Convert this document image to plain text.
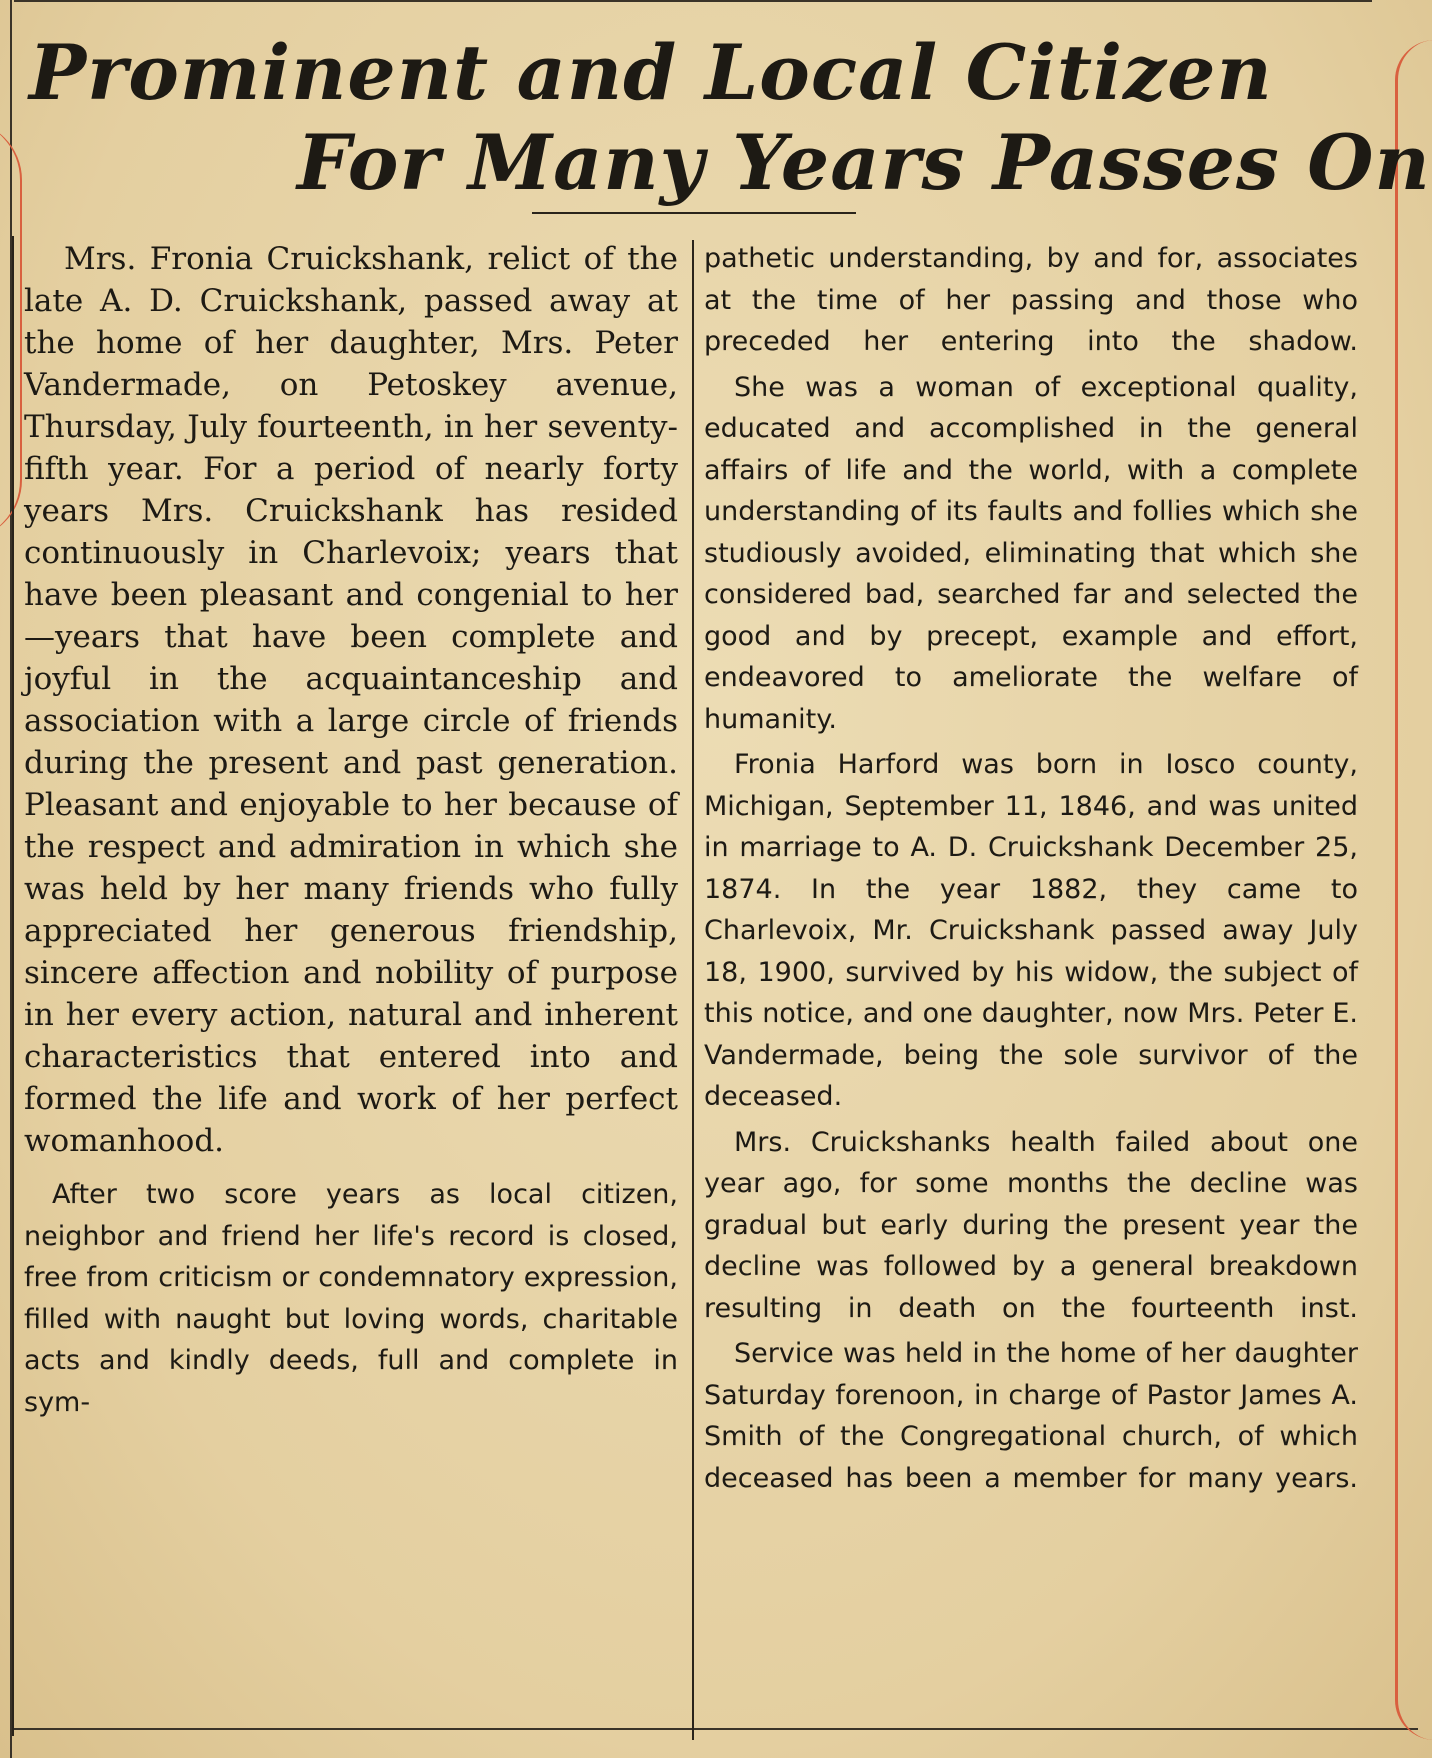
Prominent and Local Citizen
For Many Years Passes On

Mrs. Fronia Cruickshank, relict of the late A. D. Cruickshank, passed away at the home of her daughter, Mrs. Peter Vandermade, on Petoskey avenue, Thursday, July fourteenth, in her seventy-fifth year. For a period of nearly forty years Mrs. Cruickshank has resided continuously in Charlevoix; years that have been pleasant and congenial to her—years that have been complete and joyful in the acquaintanceship and association with a large circle of friends during the present and past generation. Pleasant and enjoyable to her because of the respect and admiration in which she was held by her many friends who fully appreciated her generous friendship, sincere affection and nobility of purpose in her every action, natural and inherent characteristics that entered into and formed the life and work of her perfect womanhood.

After two score years as local citizen, neighbor and friend her life's record is closed, free from criticism or condemnatory expression, filled with naught but loving words, charitable acts and kindly deeds, full and complete in sym-

pathetic understanding, by and for, associates at the time of her passing and those who preceded her entering into the shadow.

She was a woman of exceptional quality, educated and accomplished in the general affairs of life and the world, with a complete understanding of its faults and follies which she studiously avoided, eliminating that which she considered bad, searched far and selected the good and by precept, example and effort, endeavored to ameliorate the welfare of humanity.

Fronia Harford was born in Iosco county, Michigan, September 11, 1846, and was united in marriage to A. D. Cruickshank December 25, 1874. In the year 1882, they came to Charlevoix, Mr. Cruickshank passed away July 18, 1900, survived by his widow, the subject of this notice, and one daughter, now Mrs. Peter E. Vandermade, being the sole survivor of the deceased.

Mrs. Cruickshanks health failed about one year ago, for some months the decline was gradual but early during the present year the decline was followed by a general breakdown resulting in death on the fourteenth inst.

Service was held in the home of her daughter Saturday forenoon, in charge of Pastor James A. Smith of the Congregational church, of which deceased has been a member for many years.
